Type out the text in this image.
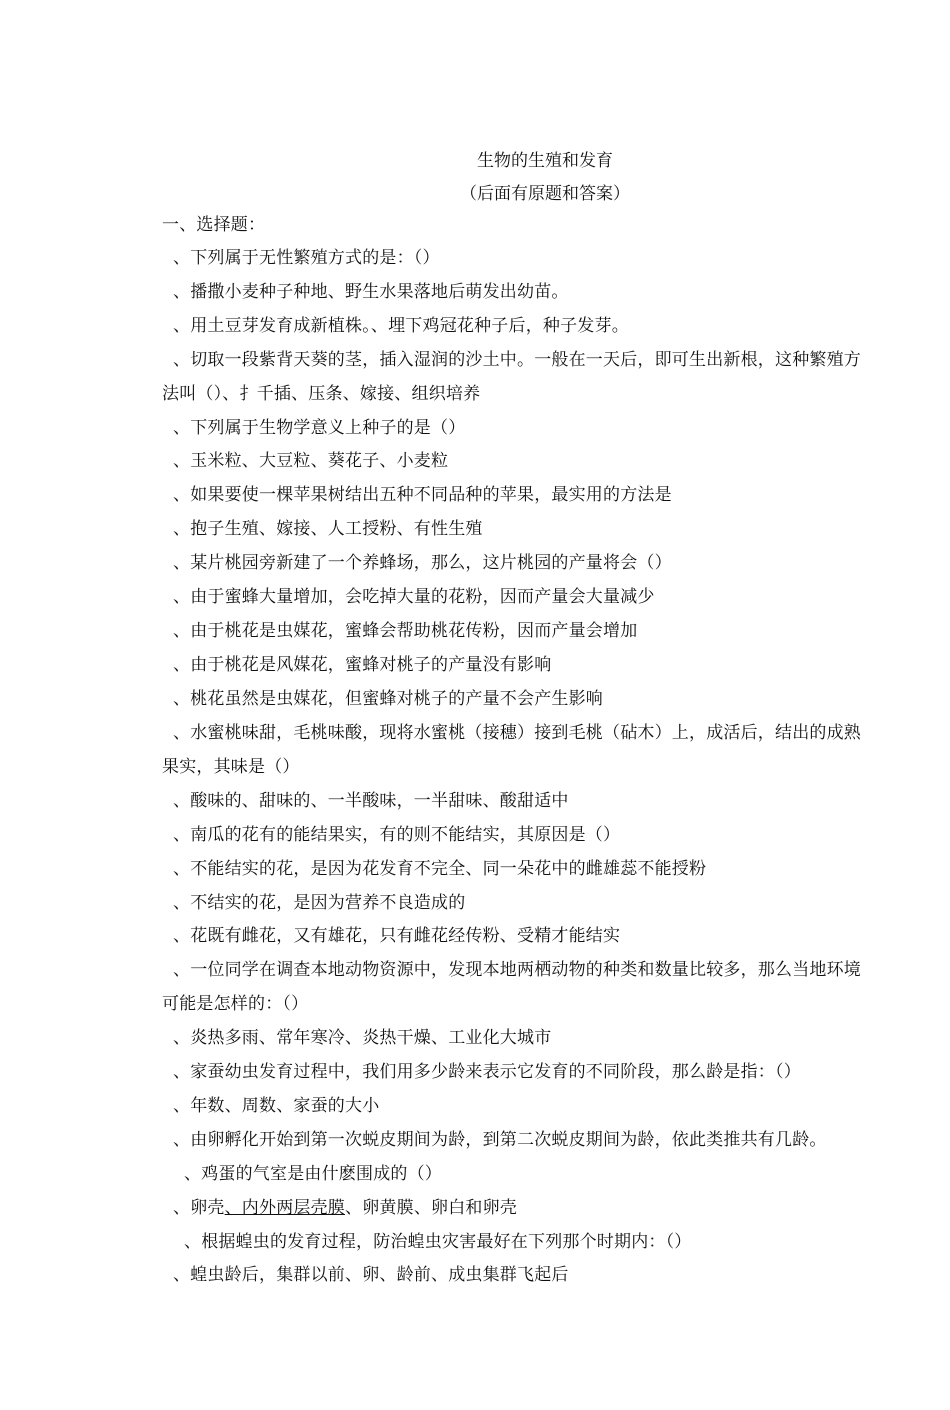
生物的生殖和发育
（后面有原题和答案）
一、选择题：
、下列属于无性繁殖方式的是：（）
、播撒小麦种子种地、野生水果落地后萌发出幼苗。
、用土豆芽发育成新植株。、埋下鸡冠花种子后，种子发芽。
、切取一段紫背天葵的茎，插入湿润的沙土中。一般在一天后，即可生出新根，这种繁殖方
法叫（）、扌千插、压条、嫁接、组织培养
、下列属于生物学意义上种子的是（）
、玉米粒、大豆粒、葵花子、小麦粒
、如果要使一棵苹果树结出五种不同品种的苹果，最实用的方法是
、抱子生殖、嫁接、人工授粉、有性生殖
、某片桃园旁新建了一个养蜂场，那么，这片桃园的产量将会（）
、由于蜜蜂大量增加，会吃掉大量的花粉，因而产量会大量减少
、由于桃花是虫媒花，蜜蜂会帮助桃花传粉，因而产量会增加
、由于桃花是风媒花，蜜蜂对桃子的产量没有影响
、桃花虽然是虫媒花，但蜜蜂对桃子的产量不会产生影响
、水蜜桃味甜，毛桃味酸，现将水蜜桃（接穗）接到毛桃（砧木）上，成活后，结出的成熟
果实，其味是（）
、酸味的、甜味的、一半酸味，一半甜味、酸甜适中
、南瓜的花有的能结果实，有的则不能结实，其原因是（）
、不能结实的花，是因为花发育不完全、同一朵花中的雌雄蕊不能授粉
、不结实的花，是因为营养不良造成的
、花既有雌花，又有雄花，只有雌花经传粉、受精才能结实
、一位同学在调查本地动物资源中，发现本地两栖动物的种类和数量比较多，那么当地环境
可能是怎样的：（）
、炎热多雨、常年寒冷、炎热干燥、工业化大城市
、家蚕幼虫发育过程中，我们用多少龄来表示它发育的不同阶段，那么龄是指：（）
、年数、周数、家蚕的大小
、由卵孵化开始到第一次蜕皮期间为龄，到第二次蜕皮期间为龄，依此类推共有几龄。
、鸡蛋的气室是由什麽围成的（）
、卵壳、内外两层壳膜、卵黄膜、卵白和卵壳
、根据蝗虫的发育过程，防治蝗虫灾害最好在下列那个时期内：（）
、蝗虫龄后，集群以前、卵、龄前、成虫集群飞起后
